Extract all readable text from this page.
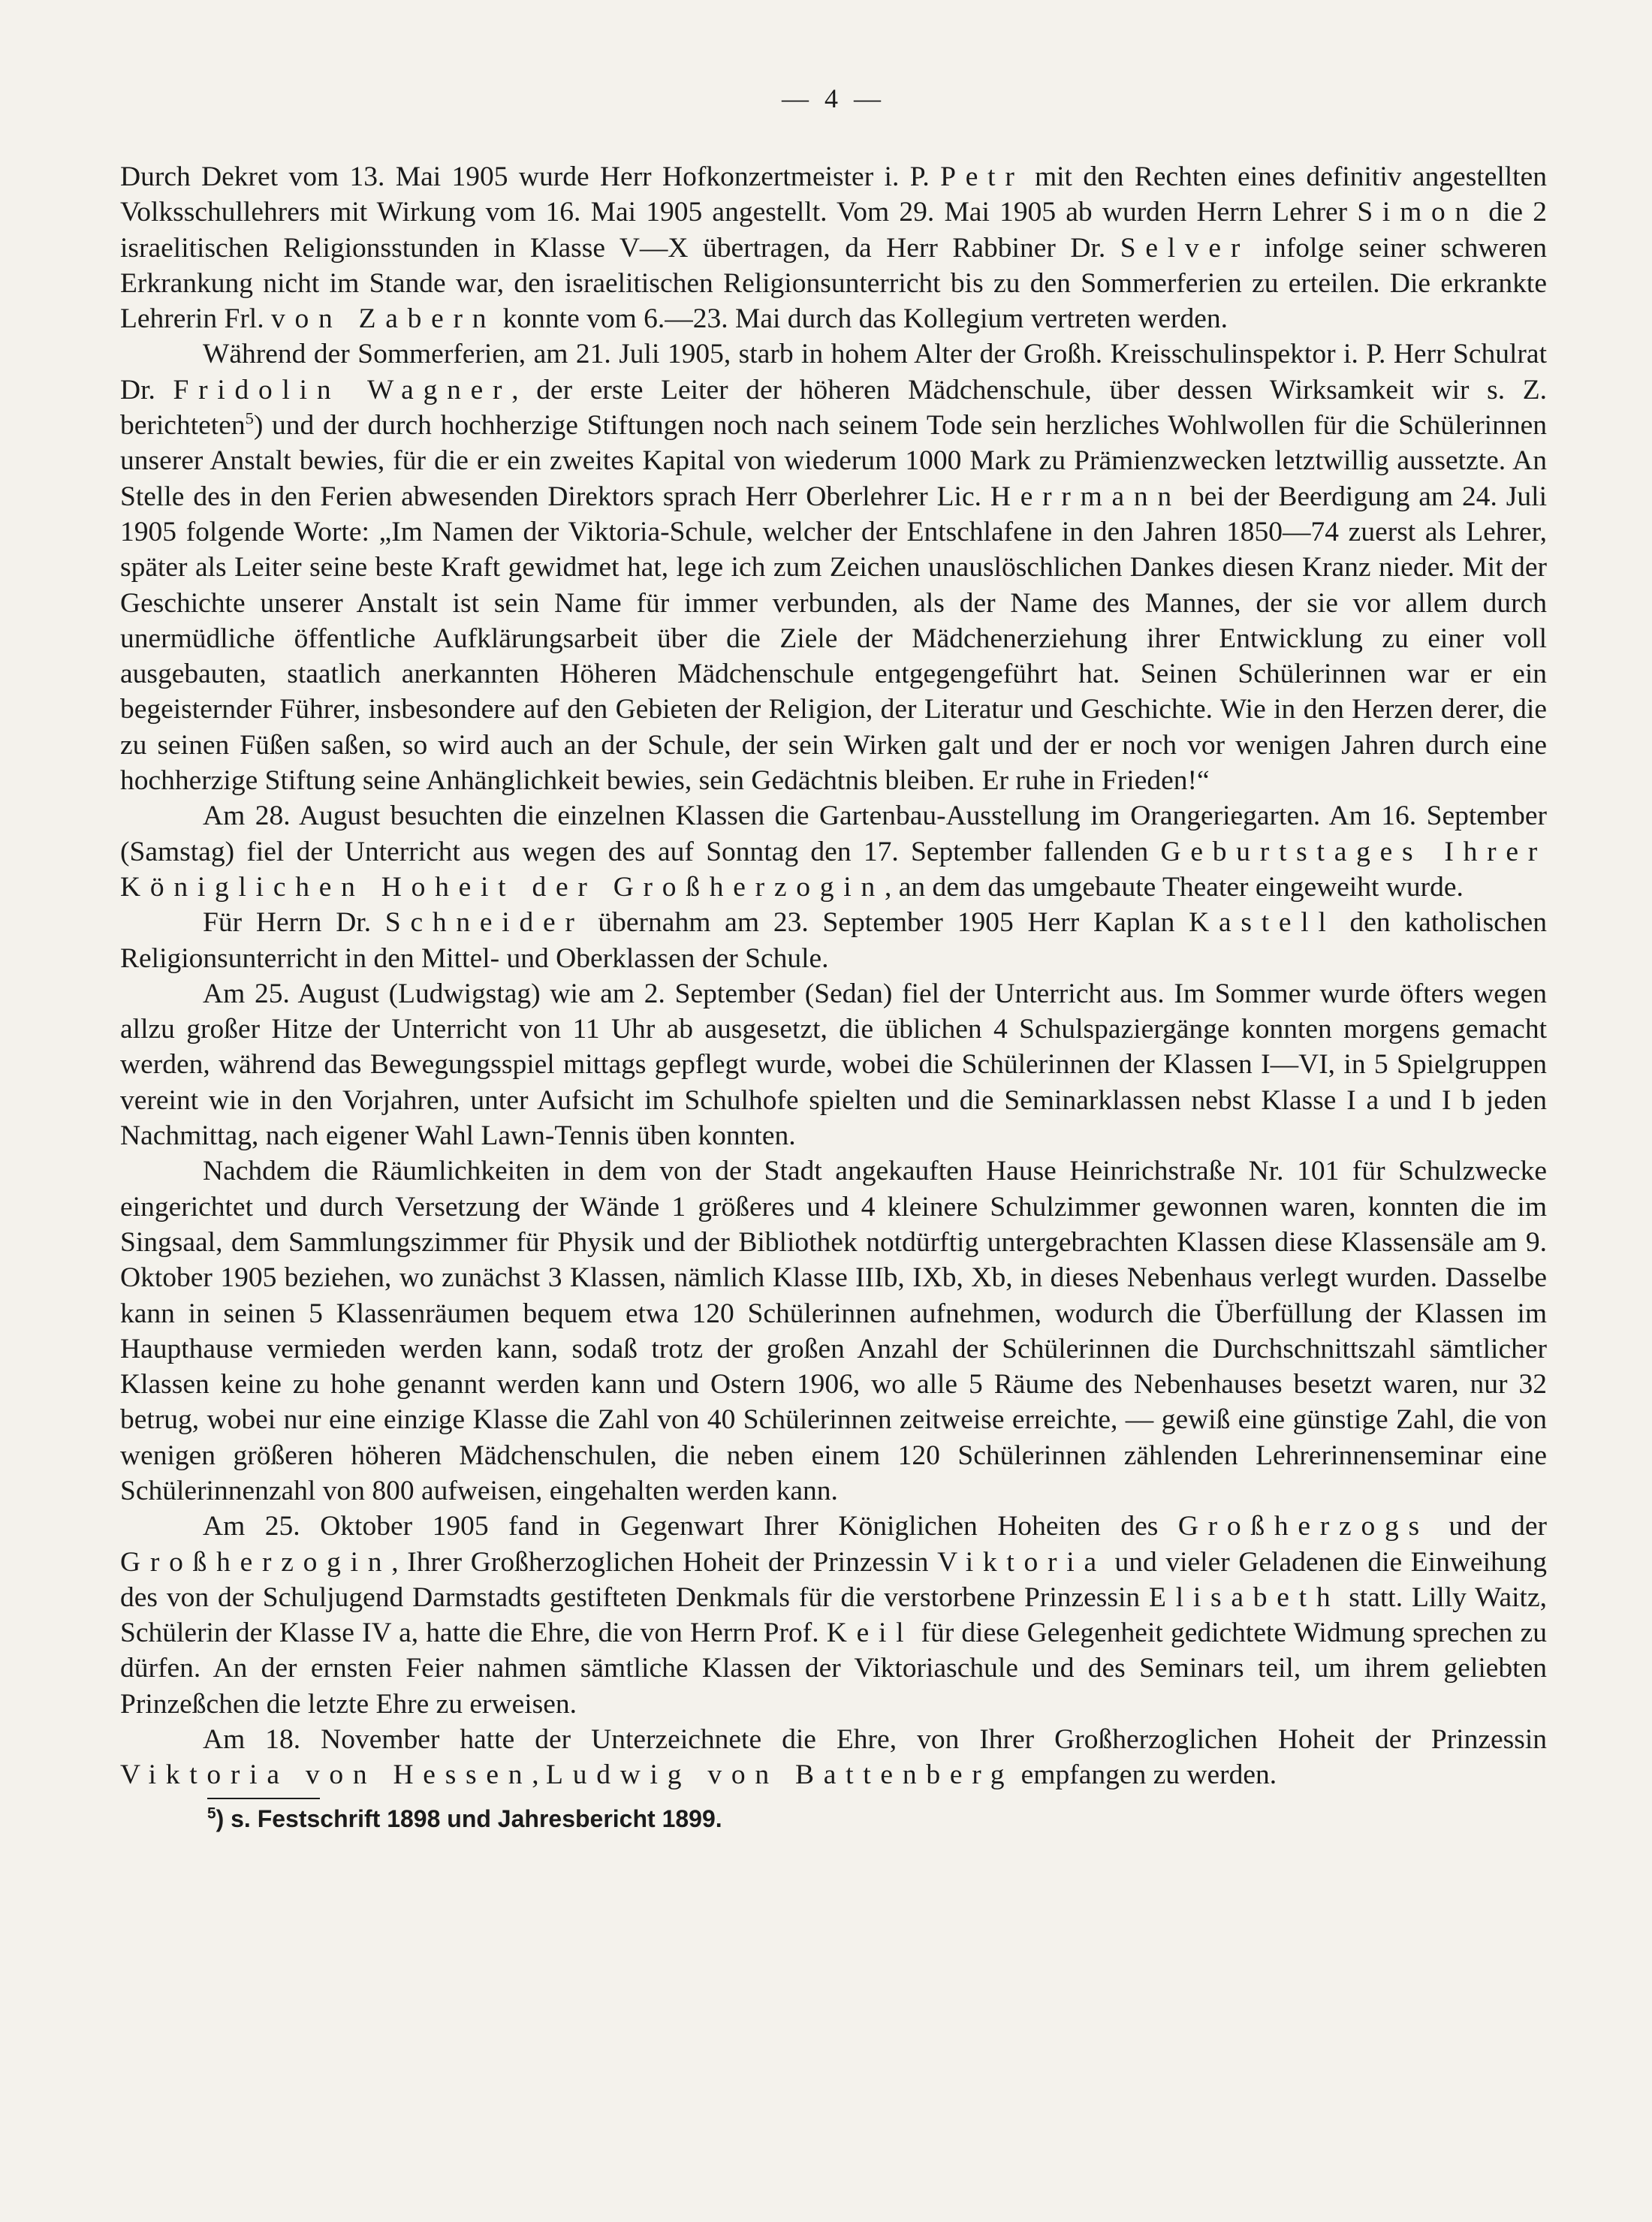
— 4 —

Durch Dekret vom 13. Mai 1905 wurde Herr Hofkonzertmeister i. P. Petr mit den Rechten eines definitiv angestellten Volksschullehrers mit Wirkung vom 16. Mai 1905 angestellt. Vom 29. Mai 1905 ab wurden Herrn Lehrer Simon die 2 israelitischen Religionsstunden in Klasse V—X übertragen, da Herr Rabbiner Dr. Selver infolge seiner schweren Erkrankung nicht im Stande war, den israelitischen Religionsunterricht bis zu den Sommerferien zu erteilen. Die erkrankte Lehrerin Frl. von Zabern konnte vom 6.—23. Mai durch das Kollegium vertreten werden.

Während der Sommerferien, am 21. Juli 1905, starb in hohem Alter der Großh. Kreisschulinspektor i. P. Herr Schulrat Dr. Fridolin Wagner, der erste Leiter der höheren Mädchenschule, über dessen Wirksamkeit wir s. Z. berichteten$^5$) und der durch hochherzige Stiftungen noch nach seinem Tode sein herzliches Wohlwollen für die Schülerinnen unserer Anstalt bewies, für die er ein zweites Kapital von wiederum 1000 Mark zu Prämienzwecken letztwillig aussetzte. An Stelle des in den Ferien abwesenden Direktors sprach Herr Oberlehrer Lic. Herrmann bei der Beerdigung am 24. Juli 1905 folgende Worte: „Im Namen der Viktoria-Schule, welcher der Entschlafene in den Jahren 1850—74 zuerst als Lehrer, später als Leiter seine beste Kraft gewidmet hat, lege ich zum Zeichen unauslöschlichen Dankes diesen Kranz nieder. Mit der Geschichte unserer Anstalt ist sein Name für immer verbunden, als der Name des Mannes, der sie vor allem durch unermüdliche öffentliche Aufklärungsarbeit über die Ziele der Mädchenerziehung ihrer Entwicklung zu einer voll ausgebauten, staatlich anerkannten Höheren Mädchenschule entgegengeführt hat. Seinen Schülerinnen war er ein begeisternder Führer, insbesondere auf den Gebieten der Religion, der Literatur und Geschichte. Wie in den Herzen derer, die zu seinen Füßen saßen, so wird auch an der Schule, der sein Wirken galt und der er noch vor wenigen Jahren durch eine hochherzige Stiftung seine Anhänglichkeit bewies, sein Gedächtnis bleiben. Er ruhe in Frieden!“

Am 28. August besuchten die einzelnen Klassen die Gartenbau-Ausstellung im Orangeriegarten. Am 16. September (Samstag) fiel der Unterricht aus wegen des auf Sonntag den 17. September fallenden Geburtstages Ihrer Königlichen Hoheit der Großherzogin, an dem das umgebaute Theater eingeweiht wurde.

Für Herrn Dr. Schneider übernahm am 23. September 1905 Herr Kaplan Kastell den katholischen Religionsunterricht in den Mittel- und Oberklassen der Schule.

Am 25. August (Ludwigstag) wie am 2. September (Sedan) fiel der Unterricht aus. Im Sommer wurde öfters wegen allzu großer Hitze der Unterricht von 11 Uhr ab ausgesetzt, die üblichen 4 Schulspaziergänge konnten morgens gemacht werden, während das Bewegungsspiel mittags gepflegt wurde, wobei die Schülerinnen der Klassen I—VI, in 5 Spielgruppen vereint wie in den Vorjahren, unter Aufsicht im Schulhofe spielten und die Seminarklassen nebst Klasse I a und I b jeden Nachmittag, nach eigener Wahl Lawn-Tennis üben konnten.

Nachdem die Räumlichkeiten in dem von der Stadt angekauften Hause Heinrichstraße Nr. 101 für Schulzwecke eingerichtet und durch Versetzung der Wände 1 größeres und 4 kleinere Schulzimmer gewonnen waren, konnten die im Singsaal, dem Sammlungszimmer für Physik und der Bibliothek notdürftig untergebrachten Klassen diese Klassensäle am 9. Oktober 1905 beziehen, wo zunächst 3 Klassen, nämlich Klasse IIIb, IXb, Xb, in dieses Nebenhaus verlegt wurden. Dasselbe kann in seinen 5 Klassenräumen bequem etwa 120 Schülerinnen aufnehmen, wodurch die Überfüllung der Klassen im Haupthause vermieden werden kann, sodaß trotz der großen Anzahl der Schülerinnen die Durchschnittszahl sämtlicher Klassen keine zu hohe genannt werden kann und Ostern 1906, wo alle 5 Räume des Nebenhauses besetzt waren, nur 32 betrug, wobei nur eine einzige Klasse die Zahl von 40 Schülerinnen zeitweise erreichte, — gewiß eine günstige Zahl, die von wenigen größeren höheren Mädchenschulen, die neben einem 120 Schülerinnen zählenden Lehrerinnenseminar eine Schülerinnenzahl von 800 aufweisen, eingehalten werden kann.

Am 25. Oktober 1905 fand in Gegenwart Ihrer Königlichen Hoheiten des Großherzogs und der Großherzogin, Ihrer Großherzoglichen Hoheit der Prinzessin Viktoria und vieler Geladenen die Einweihung des von der Schuljugend Darmstadts gestifteten Denkmals für die verstorbene Prinzessin Elisabeth statt. Lilly Waitz, Schülerin der Klasse IV a, hatte die Ehre, die von Herrn Prof. Keil für diese Gelegenheit gedichtete Widmung sprechen zu dürfen. An der ernsten Feier nahmen sämtliche Klassen der Viktoriaschule und des Seminars teil, um ihrem geliebten Prinzeßchen die letzte Ehre zu erweisen.

Am 18. November hatte der Unterzeichnete die Ehre, von Ihrer Großherzoglichen Hoheit der Prinzessin Viktoria von Hessen, Ludwig von Battenberg empfangen zu werden.

$^5$) s. Festschrift 1898 und Jahresbericht 1899.
